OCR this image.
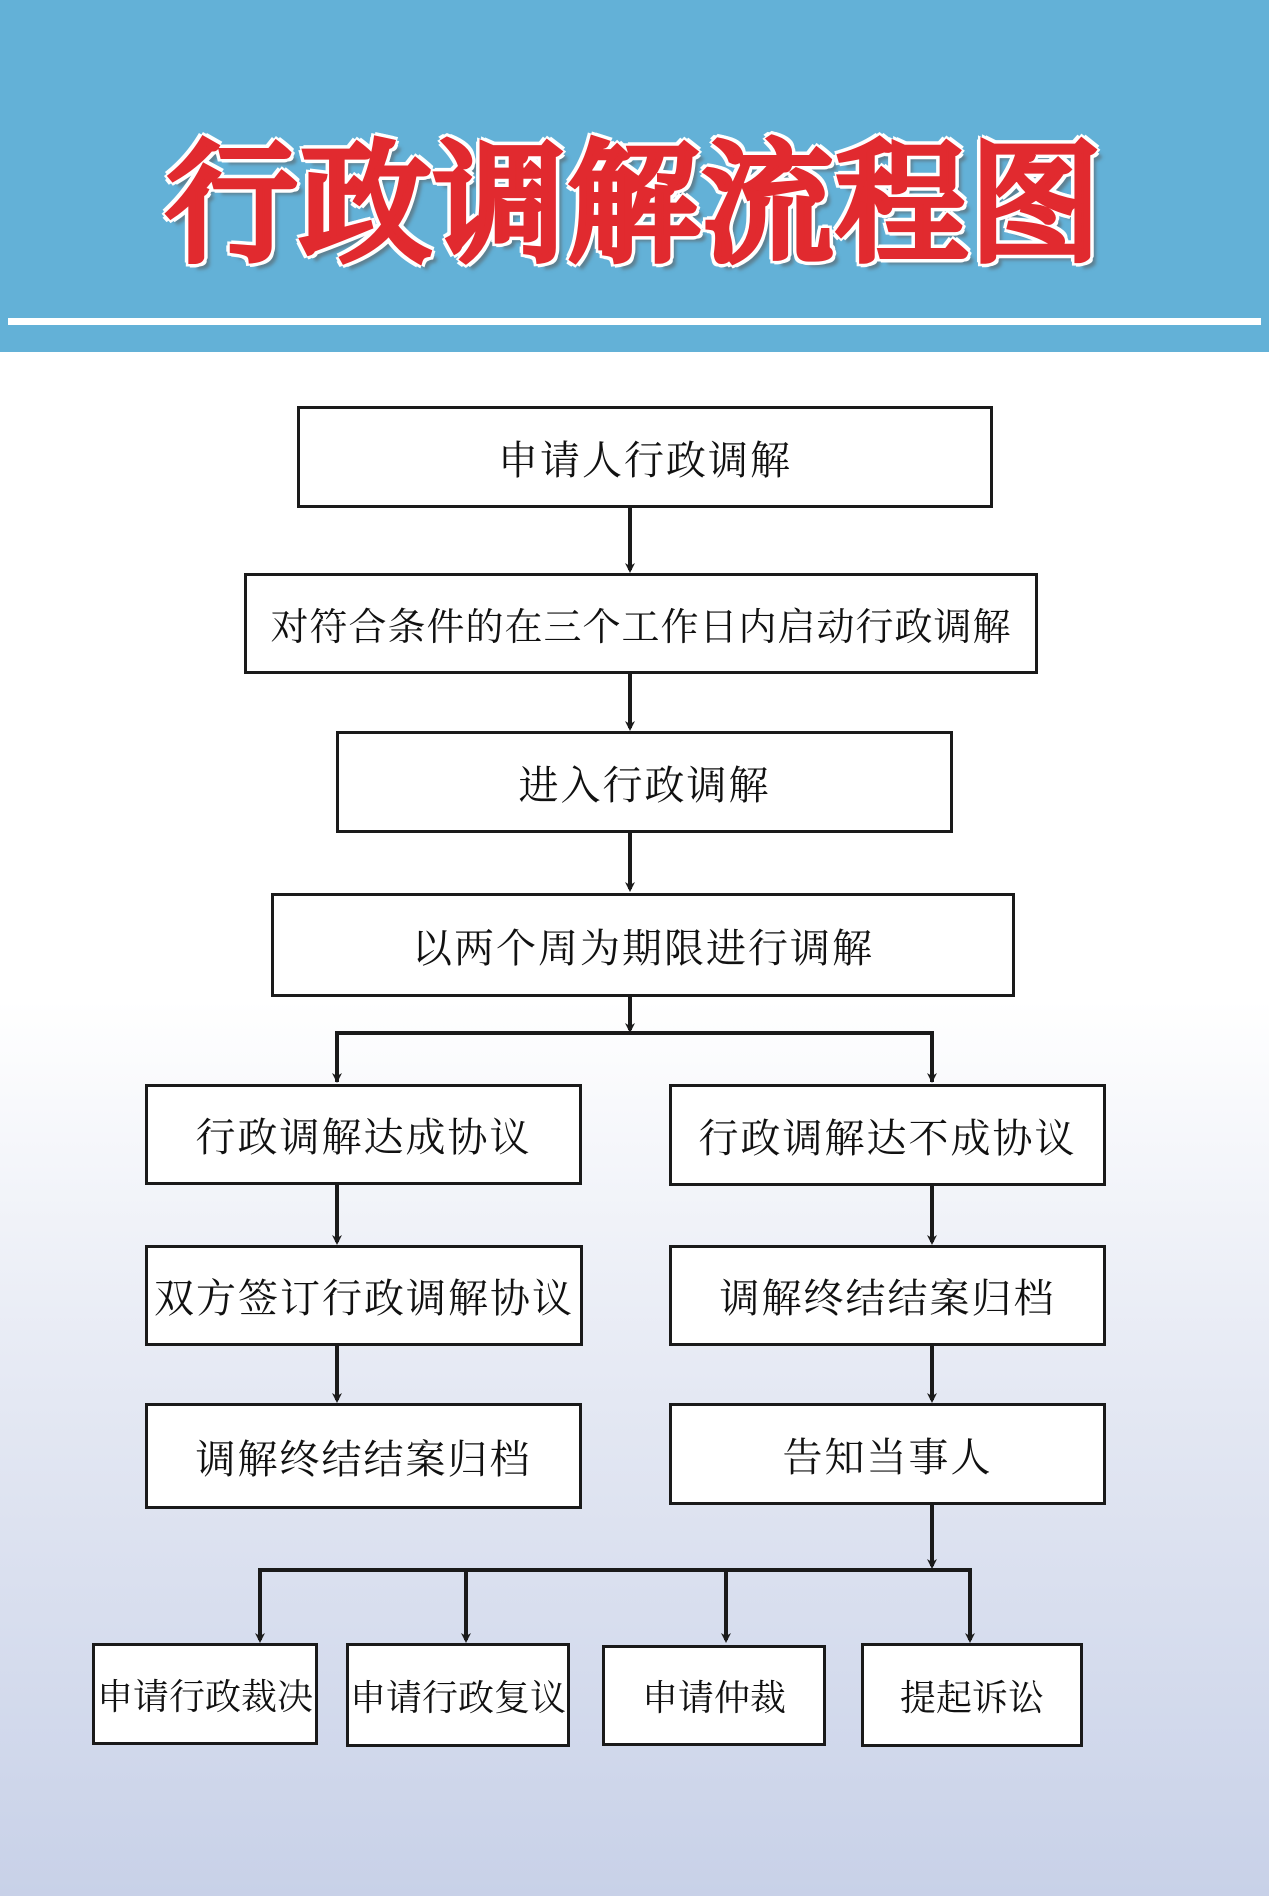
行政调解流程图
申请人行政调解
对符合条件的在三个工作日内启动行政调解
进入行政调解
以两个周为期限进行调解
行政调解达成协议
双方签订行政调解协议
调解终结结案归档
行政调解达不成协议
调解终结结案归档
告知当事人
申请行政裁决 申请行政复议	申请仲裁	提起诉讼
